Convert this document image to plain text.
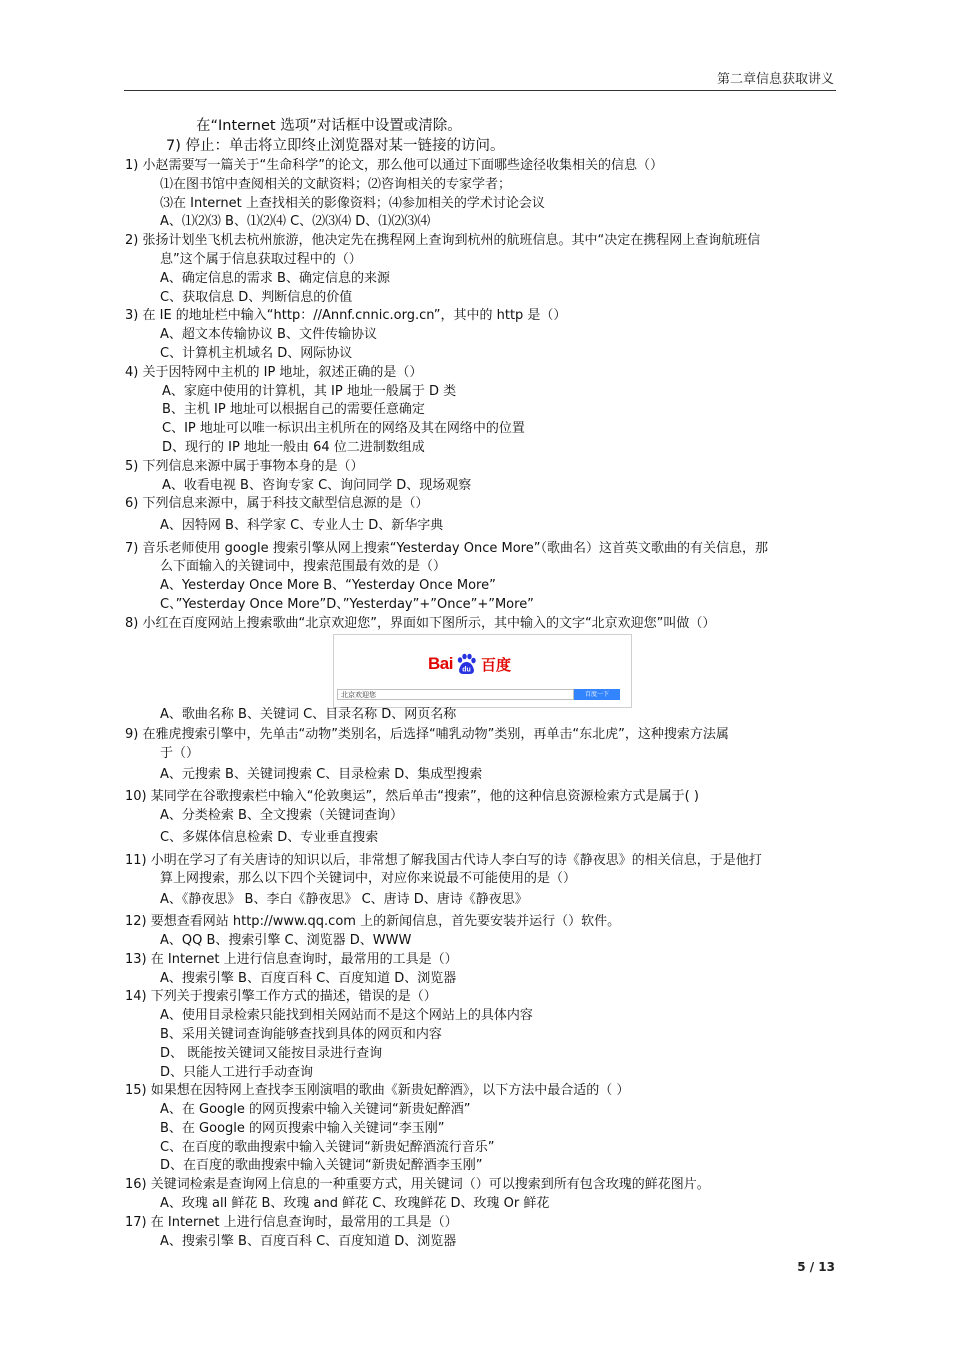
第二章信息获取讲义
在“Internet 选项”对话框中设置或清除。
7) 停止：单击将立即终止浏览器对某一链接的访问。
1) 小赵需要写一篇关于“生命科学”的论文，那么他可以通过下面哪些途径收集相关的信息（）
⑴在图书馆中查阅相关的文献资料；⑵咨询相关的专家学者；
⑶在 Internet 上查找相关的影像资料；⑷参加相关的学术讨论会议
A、⑴⑵⑶ B、⑴⑵⑷ C、⑵⑶⑷ D、⑴⑵⑶⑷
2) 张扬计划坐飞机去杭州旅游，他决定先在携程网上查询到杭州的航班信息。其中“决定在携程网上查询航班信
息”这个属于信息获取过程中的（）
A、确定信息的需求 B、确定信息的来源
C、获取信息 D、判断信息的价值
3) 在 IE 的地址栏中输入“http：//Annf.cnnic.org.cn”，其中的 http 是（）
A、超文本传输协议 B、文件传输协议
C、计算机主机域名 D、网际协议
4) 关于因特网中主机的 IP 地址，叙述正确的是（）
A、家庭中使用的计算机，其 IP 地址一般属于 D 类
B、主机 IP 地址可以根据自己的需要任意确定
C、IP 地址可以唯一标识出主机所在的网络及其在网络中的位置
D、现行的 IP 地址一般由 64 位二进制数组成
5) 下列信息来源中属于事物本身的是（）
A、收看电视 B、咨询专家 C、询问同学 D、现场观察
6) 下列信息来源中，属于科技文献型信息源的是（）
A、因特网 B、科学家 C、专业人士 D、新华字典
7) 音乐老师使用 google 搜索引擎从网上搜索“Yesterday Once More”（歌曲名）这首英文歌曲的有关信息，那
么下面输入的关键词中，搜索范围最有效的是（）
A、Yesterday Once More B、“Yesterday Once More”
C、”Yesterday Once More”D、”Yesterday”+”Once”+”More”
8) 小红在百度网站上搜索歌曲“北京欢迎您”，界面如下图所示，其中输入的文字“北京欢迎您”叫做（）
Bai du 百度
北京欢迎您	百度一下
A、歌曲名称 B、关键词 C、目录名称 D、网页名称
9) 在雅虎搜索引擎中，先单击“动物”类别名，后选择“哺乳动物”类别，再单击“东北虎”，这种搜索方法属
于（）
A、元搜索 B、关键词搜索 C、目录检索 D、集成型搜索
10) 某同学在谷歌搜索栏中输入“伦敦奥运”，然后单击“搜索”，他的这种信息资源检索方式是属于( )
A、分类检索 B、全文搜索（关键词查询）
C、多媒体信息检索 D、专业垂直搜索
11) 小明在学习了有关唐诗的知识以后，非常想了解我国古代诗人李白写的诗《静夜思》的相关信息，于是他打
算上网搜索，那么以下四个关键词中，对应你来说最不可能使用的是（）
A、《静夜思》 B、李白《静夜思》 C、唐诗 D、唐诗《静夜思》
12) 要想查看网站 http://www.qq.com 上的新闻信息，首先要安装并运行（）软件。
A、QQ B、搜索引擎 C、浏览器 D、WWW
13) 在 Internet 上进行信息查询时，最常用的工具是（）
A、搜索引擎 B、百度百科 C、百度知道 D、浏览器
14) 下列关于搜索引擎工作方式的描述，错误的是（）
A、使用目录检索只能找到相关网站而不是这个网站上的具体内容
B、采用关键词查询能够查找到具体的网页和内容
D、 既能按关键词又能按目录进行查询
D、只能人工进行手动查询
15) 如果想在因特网上查找李玉刚演唱的歌曲《新贵妃醉酒》，以下方法中最合适的（ ）
A、在 Google 的网页搜索中输入关键词“新贵妃醉酒”
B、在 Google 的网页搜索中输入关键词“李玉刚”
C、在百度的歌曲搜索中输入关键词“新贵妃醉酒流行音乐”
D、在百度的歌曲搜索中输入关键词“新贵妃醉酒李玉刚”
16) 关键词检索是查询网上信息的一种重要方式，用关键词（）可以搜索到所有包含玫瑰的鲜花图片。
A、玫瑰 all 鲜花 B、玫瑰 and 鲜花 C、玫瑰鲜花 D、玫瑰 Or 鲜花
17) 在 Internet 上进行信息查询时，最常用的工具是（）
A、搜索引擎 B、百度百科 C、百度知道 D、浏览器
5 / 13
